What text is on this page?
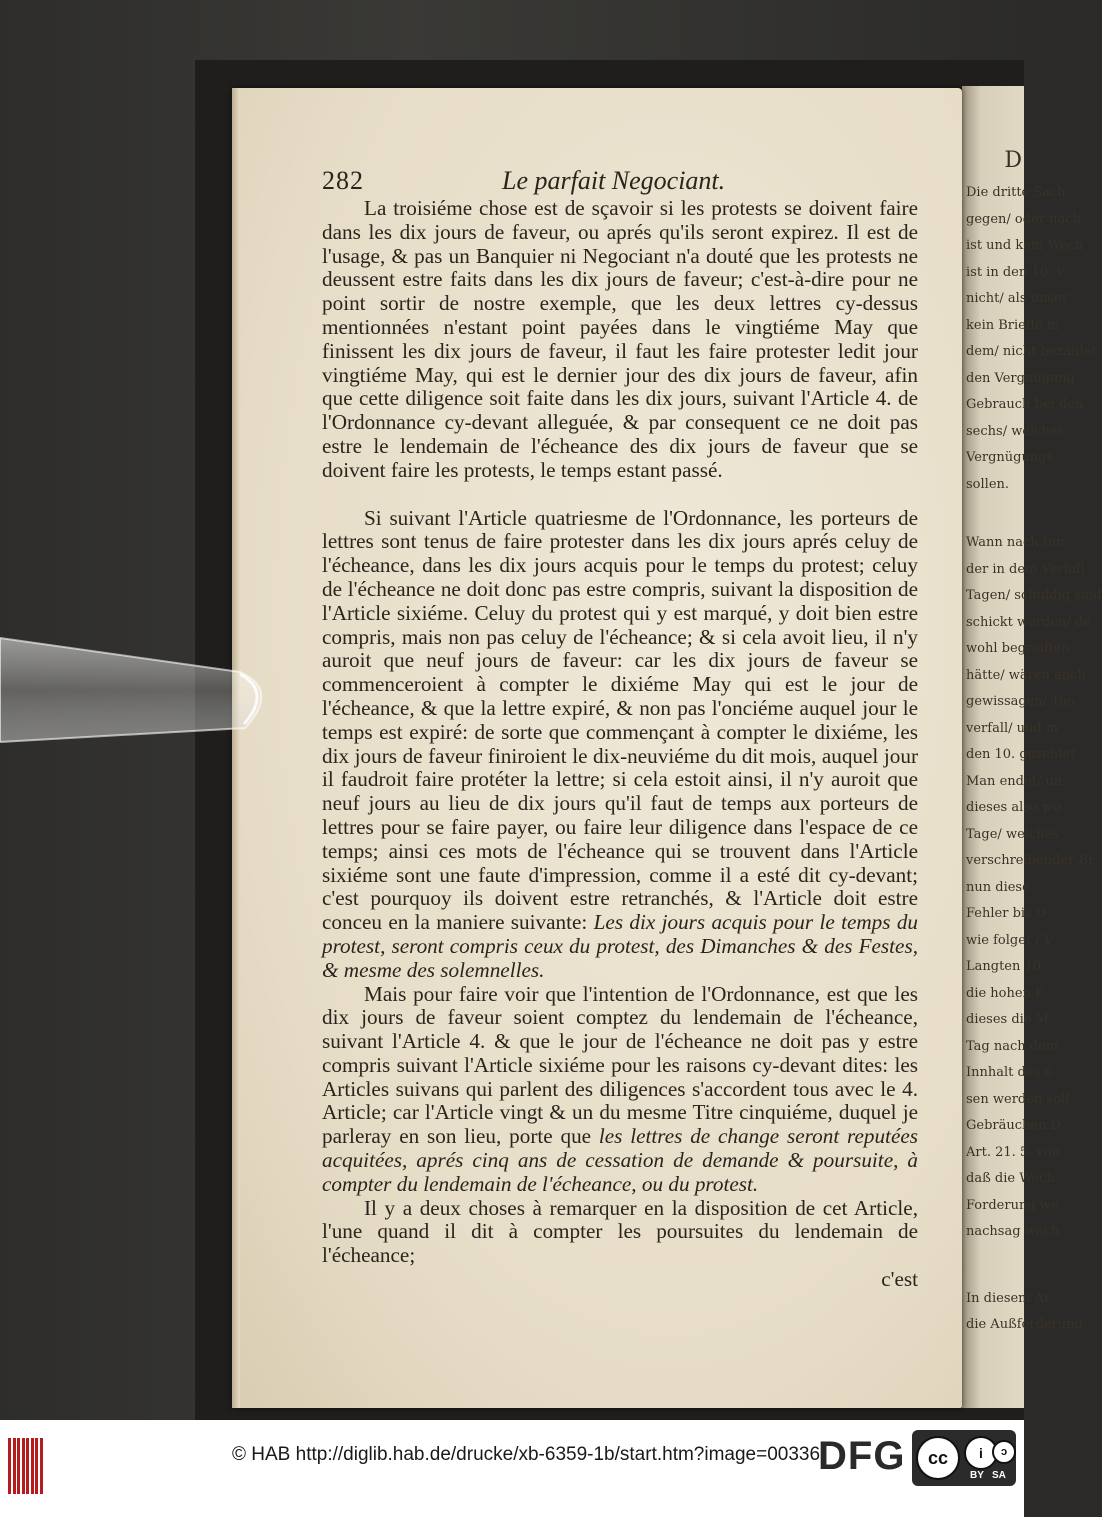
D
Die dritte Sach
gegen/ oder nach
ist und kein Wech
ist in den 10. V
nicht/ als unser
kein Brieffe in
dem/ nicht bezahlet
den Vergnügung
Gebrauch bei den
sechs/ welches
Vergnügungs
sollen.
Wann nach Inn
der in dem Verfall
Tagen/ schuldig sind
schickt werden/ de
wohl begreiffen
hätte/ wären auch
gewissagen/ Too
verfall/ und m
den 10. gezehlet
Man endet/ un
dieses also wo
Tage/ welches
verschreibender Br
nun diese
Fehler bis D
wie folget / V
Langten 10.
die hohen F
dieses die M
Tag nach dem
Innhalt des 6
sen werden soll
Gebräuchen D
Art. 21. 5. von
daß die Wech
Forderung we
nachsag wach
In diesem Ar
die Außforderung
282	Le parfait Negociant.

La troisiéme chose est de sçavoir si les protests se doivent faire dans les dix jours de faveur, ou aprés qu'ils seront expirez. Il est de l'usage, & pas un Banquier ni Negociant n'a douté que les protests ne deussent estre faits dans les dix jours de faveur; c'est-à-dire pour ne point sortir de nostre exemple, que les deux lettres cy-dessus mentionnées n'estant point payées dans le vingtiéme May que finissent les dix jours de faveur, il faut les faire protester ledit jour vingtiéme May, qui est le dernier jour des dix jours de faveur, afin que cette diligence soit faite dans les dix jours, suivant l'Article 4. de l'Ordonnance cy-devant alleguée, & par consequent ce ne doit pas estre le lendemain de l'écheance des dix jours de faveur que se doivent faire les protests, le temps estant passé.

Si suivant l'Article quatriesme de l'Ordonnance, les porteurs de lettres sont tenus de faire protester dans les dix jours aprés celuy de l'écheance, dans les dix jours acquis pour le temps du protest; celuy de l'écheance ne doit donc pas estre compris, suivant la disposition de l'Article sixiéme. Celuy du protest qui y est marqué, y doit bien estre compris, mais non pas celuy de l'écheance; & si cela avoit lieu, il n'y auroit que neuf jours de faveur: car les dix jours de faveur se commenceroient à compter le dixiéme May qui est le jour de l'écheance, & que la lettre expiré, & non pas l'onciéme auquel jour le temps est expiré: de sorte que commençant à compter le dixiéme, les dix jours de faveur finiroient le dix-neuviéme du dit mois, auquel jour il faudroit faire protéter la lettre; si cela estoit ainsi, il n'y auroit que neuf jours au lieu de dix jours qu'il faut de temps aux porteurs de lettres pour se faire payer, ou faire leur diligence dans l'espace de ce temps; ainsi ces mots de l'écheance qui se trouvent dans l'Article sixiéme sont une faute d'impression, comme il a esté dit cy-devant; c'est pourquoy ils doivent estre retranchés, & l'Article doit estre conceu en la maniere suivante: Les dix jours acquis pour le temps du protest, seront compris ceux du protest, des Dimanches & des Festes, & mesme des solemnelles.

Mais pour faire voir que l'intention de l'Ordonnance, est que les dix jours de faveur soient comptez du lendemain de l'écheance, suivant l'Article 4. & que le jour de l'écheance ne doit pas y estre compris suivant l'Article sixiéme pour les raisons cy-devant dites: les Articles suivans qui parlent des diligences s'accordent tous avec le 4. Article; car l'Article vingt & un du mesme Titre cinquiéme, duquel je parleray en son lieu, porte que les lettres de change seront reputées acquitées, aprés cinq ans de cessation de demande & poursuite, à compter du lendemain de l'écheance, ou du protest.

Il y a deux choses à remarquer en la disposition de cet Article, l'une quand il dit à compter les poursuites du lendemain de l'écheance;

c'est

© HAB http://diglib.hab.de/drucke/xb-6359-1b/start.htm?image=00336
DFG	cc	i	ↄ
BY SA
